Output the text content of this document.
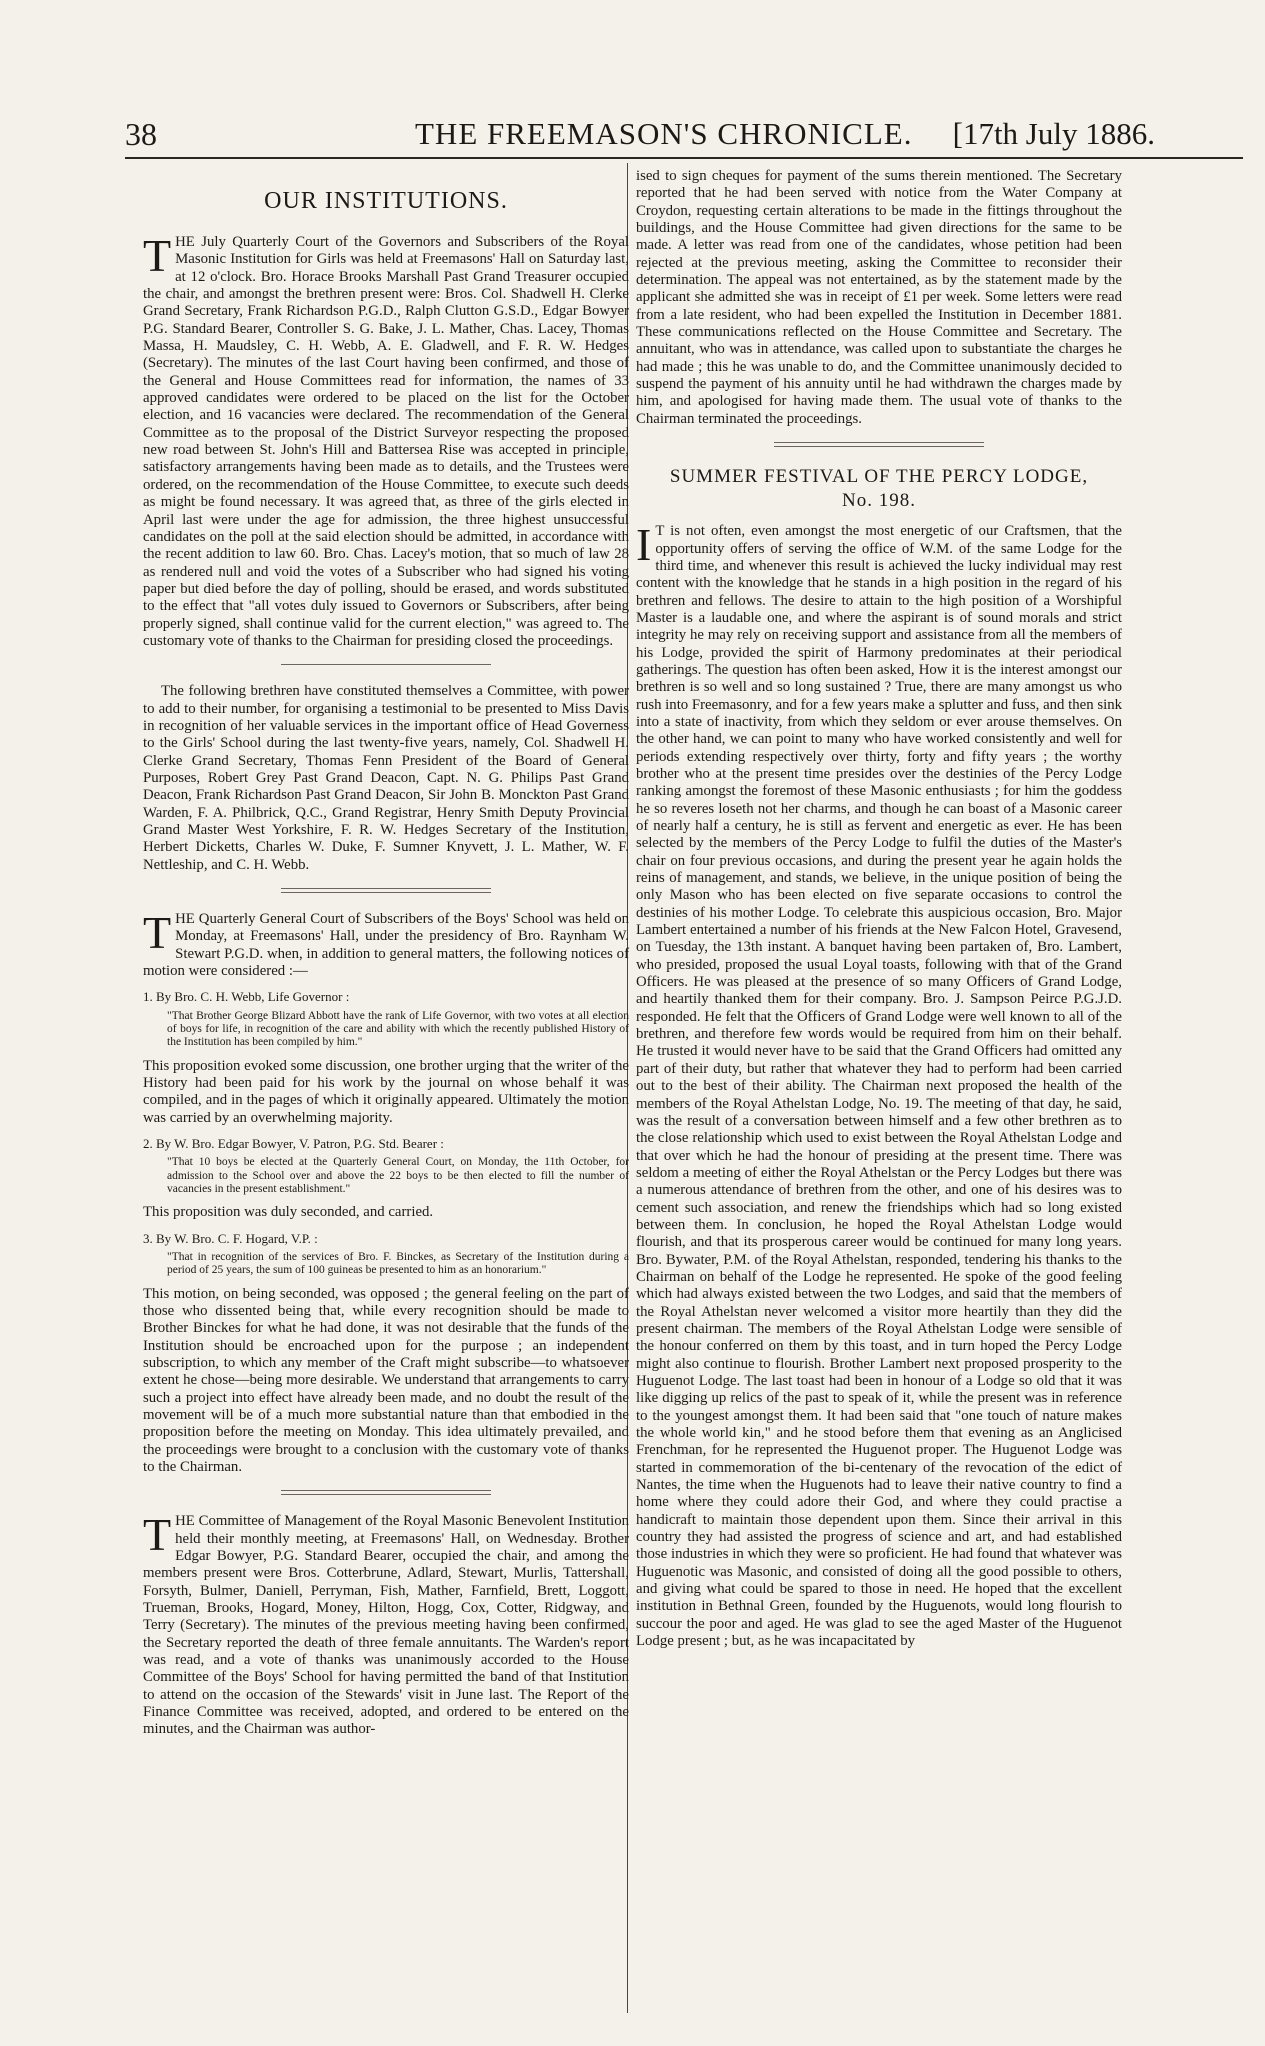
38	THE FREEMASON'S CHRONICLE. [17th July 1886.
OUR INSTITUTIONS.

THE July Quarterly Court of the Governors and Subscribers of the Royal Masonic Institution for Girls was held at Freemasons' Hall on Saturday last, at 12 o'clock. Bro. Horace Brooks Marshall Past Grand Treasurer occupied the chair, and amongst the brethren present were: Bros. Col. Shadwell H. Clerke Grand Secretary, Frank Richardson P.G.D., Ralph Clutton G.S.D., Edgar Bowyer P.G. Standard Bearer, Controller S. G. Bake, J. L. Mather, Chas. Lacey, Thomas Massa, H. Maudsley, C. H. Webb, A. E. Gladwell, and F. R. W. Hedges (Secretary). The minutes of the last Court having been confirmed, and those of the General and House Committees read for information, the names of 33 approved candidates were ordered to be placed on the list for the October election, and 16 vacancies were declared. The recommendation of the General Committee as to the proposal of the District Surveyor respecting the proposed new road between St. John's Hill and Battersea Rise was accepted in principle, satisfactory arrangements having been made as to details, and the Trustees were ordered, on the recommendation of the House Committee, to execute such deeds as might be found necessary. It was agreed that, as three of the girls elected in April last were under the age for admission, the three highest unsuccessful candidates on the poll at the said election should be admitted, in accordance with the recent addition to law 60. Bro. Chas. Lacey's motion, that so much of law 28 as rendered null and void the votes of a Subscriber who had signed his voting paper but died before the day of polling, should be erased, and words substituted to the effect that "all votes duly issued to Governors or Subscribers, after being properly signed, shall continue valid for the current election," was agreed to. The customary vote of thanks to the Chairman for presiding closed the proceedings.

The following brethren have constituted themselves a Committee, with power to add to their number, for organising a testimonial to be presented to Miss Davis in recognition of her valuable services in the important office of Head Governess to the Girls' School during the last twenty-five years, namely, Col. Shadwell H. Clerke Grand Secretary, Thomas Fenn President of the Board of General Purposes, Robert Grey Past Grand Deacon, Capt. N. G. Philips Past Grand Deacon, Frank Richardson Past Grand Deacon, Sir John B. Monckton Past Grand Warden, F. A. Philbrick, Q.C., Grand Registrar, Henry Smith Deputy Provincial Grand Master West Yorkshire, F. R. W. Hedges Secretary of the Institution, Herbert Dicketts, Charles W. Duke, F. Sumner Knyvett, J. L. Mather, W. F. Nettleship, and C. H. Webb.

THE Quarterly General Court of Subscribers of the Boys' School was held on Monday, at Freemasons' Hall, under the presidency of Bro. Raynham W. Stewart P.G.D. when, in addition to general matters, the following notices of motion were considered :—

1. By Bro. C. H. Webb, Life Governor :
"That Brother George Blizard Abbott have the rank of Life Governor, with two votes at all election of boys for life, in recognition of the care and ability with which the recently published History of the Institution has been compiled by him."

This proposition evoked some discussion, one brother urging that the writer of the History had been paid for his work by the journal on whose behalf it was compiled, and in the pages of which it originally appeared. Ultimately the motion was carried by an overwhelming majority.

2. By W. Bro. Edgar Bowyer, V. Patron, P.G. Std. Bearer :
"That 10 boys be elected at the Quarterly General Court, on Monday, the 11th October, for admission to the School over and above the 22 boys to be then elected to fill the number of vacancies in the present establishment."

This proposition was duly seconded, and carried.

3. By W. Bro. C. F. Hogard, V.P. :
"That in recognition of the services of Bro. F. Binckes, as Secretary of the Institution during a period of 25 years, the sum of 100 guineas be presented to him as an honorarium."

This motion, on being seconded, was opposed ; the general feeling on the part of those who dissented being that, while every recognition should be made to Brother Binckes for what he had done, it was not desirable that the funds of the Institution should be encroached upon for the purpose ; an independent subscription, to which any member of the Craft might subscribe—to whatsoever extent he chose—being more desirable. We understand that arrangements to carry such a project into effect have already been made, and no doubt the result of the movement will be of a much more substantial nature than that embodied in the proposition before the meeting on Monday. This idea ultimately prevailed, and the proceedings were brought to a conclusion with the customary vote of thanks to the Chairman.

THE Committee of Management of the Royal Masonic Benevolent Institution held their monthly meeting, at Freemasons' Hall, on Wednesday. Brother Edgar Bowyer, P.G. Standard Bearer, occupied the chair, and among the members present were Bros. Cotterbrune, Adlard, Stewart, Murlis, Tattershall, Forsyth, Bulmer, Daniell, Perryman, Fish, Mather, Farnfield, Brett, Loggott, Trueman, Brooks, Hogard, Money, Hilton, Hogg, Cox, Cotter, Ridgway, and Terry (Secretary). The minutes of the previous meeting having been confirmed, the Secretary reported the death of three female annuitants. The Warden's report was read, and a vote of thanks was unanimously accorded to the House Committee of the Boys' School for having permitted the band of that Institution to attend on the occasion of the Stewards' visit in June last. The Report of the Finance Committee was received, adopted, and ordered to be entered on the minutes, and the Chairman was author-

ised to sign cheques for payment of the sums therein mentioned. The Secretary reported that he had been served with notice from the Water Company at Croydon, requesting certain alterations to be made in the fittings throughout the buildings, and the House Committee had given directions for the same to be made. A letter was read from one of the candidates, whose petition had been rejected at the previous meeting, asking the Committee to reconsider their determination. The appeal was not entertained, as by the statement made by the applicant she admitted she was in receipt of £1 per week. Some letters were read from a late resident, who had been expelled the Institution in December 1881. These communications reflected on the House Committee and Secretary. The annuitant, who was in attendance, was called upon to substantiate the charges he had made ; this he was unable to do, and the Committee unanimously decided to suspend the payment of his annuity until he had withdrawn the charges made by him, and apologised for having made them. The usual vote of thanks to the Chairman terminated the proceedings.

SUMMER FESTIVAL OF THE PERCY LODGE,
No. 198.

I T is not often, even amongst the most energetic of our Craftsmen, that the opportunity offers of serving the office of W.M. of the same Lodge for the third time, and whenever this result is achieved the lucky individual may rest content with the knowledge that he stands in a high position in the regard of his brethren and fellows. The desire to attain to the high position of a Worshipful Master is a laudable one, and where the aspirant is of sound morals and strict integrity he may rely on receiving support and assistance from all the members of his Lodge, provided the spirit of Harmony predominates at their periodical gatherings. The question has often been asked, How it is the interest amongst our brethren is so well and so long sustained ? True, there are many amongst us who rush into Freemasonry, and for a few years make a splutter and fuss, and then sink into a state of inactivity, from which they seldom or ever arouse themselves. On the other hand, we can point to many who have worked consistently and well for periods extending respectively over thirty, forty and fifty years ; the worthy brother who at the present time presides over the destinies of the Percy Lodge ranking amongst the foremost of these Masonic enthusiasts ; for him the goddess he so reveres loseth not her charms, and though he can boast of a Masonic career of nearly half a century, he is still as fervent and energetic as ever. He has been selected by the members of the Percy Lodge to fulfil the duties of the Master's chair on four previous occasions, and during the present year he again holds the reins of management, and stands, we believe, in the unique position of being the only Mason who has been elected on five separate occasions to control the destinies of his mother Lodge. To celebrate this auspicious occasion, Bro. Major Lambert entertained a number of his friends at the New Falcon Hotel, Gravesend, on Tuesday, the 13th instant. A banquet having been partaken of, Bro. Lambert, who presided, proposed the usual Loyal toasts, following with that of the Grand Officers. He was pleased at the presence of so many Officers of Grand Lodge, and heartily thanked them for their company. Bro. J. Sampson Peirce P.G.J.D. responded. He felt that the Officers of Grand Lodge were well known to all of the brethren, and therefore few words would be required from him on their behalf. He trusted it would never have to be said that the Grand Officers had omitted any part of their duty, but rather that whatever they had to perform had been carried out to the best of their ability. The Chairman next proposed the health of the members of the Royal Athelstan Lodge, No. 19. The meeting of that day, he said, was the result of a conversation between himself and a few other brethren as to the close relationship which used to exist between the Royal Athelstan Lodge and that over which he had the honour of presiding at the present time. There was seldom a meeting of either the Royal Athelstan or the Percy Lodges but there was a numerous attendance of brethren from the other, and one of his desires was to cement such association, and renew the friendships which had so long existed between them. In conclusion, he hoped the Royal Athelstan Lodge would flourish, and that its prosperous career would be continued for many long years. Bro. Bywater, P.M. of the Royal Athelstan, responded, tendering his thanks to the Chairman on behalf of the Lodge he represented. He spoke of the good feeling which had always existed between the two Lodges, and said that the members of the Royal Athelstan never welcomed a visitor more heartily than they did the present chairman. The members of the Royal Athelstan Lodge were sensible of the honour conferred on them by this toast, and in turn hoped the Percy Lodge might also continue to flourish. Brother Lambert next proposed prosperity to the Huguenot Lodge. The last toast had been in honour of a Lodge so old that it was like digging up relics of the past to speak of it, while the present was in reference to the youngest amongst them. It had been said that "one touch of nature makes the whole world kin," and he stood before them that evening as an Anglicised Frenchman, for he represented the Huguenot proper. The Huguenot Lodge was started in commemoration of the bi-centenary of the revocation of the edict of Nantes, the time when the Huguenots had to leave their native country to find a home where they could adore their God, and where they could practise a handicraft to maintain those dependent upon them. Since their arrival in this country they had assisted the progress of science and art, and had established those industries in which they were so proficient. He had found that whatever was Huguenotic was Masonic, and consisted of doing all the good possible to others, and giving what could be spared to those in need. He hoped that the excellent institution in Bethnal Green, founded by the Huguenots, would long flourish to succour the poor and aged. He was glad to see the aged Master of the Huguenot Lodge present ; but, as he was incapacitated by
